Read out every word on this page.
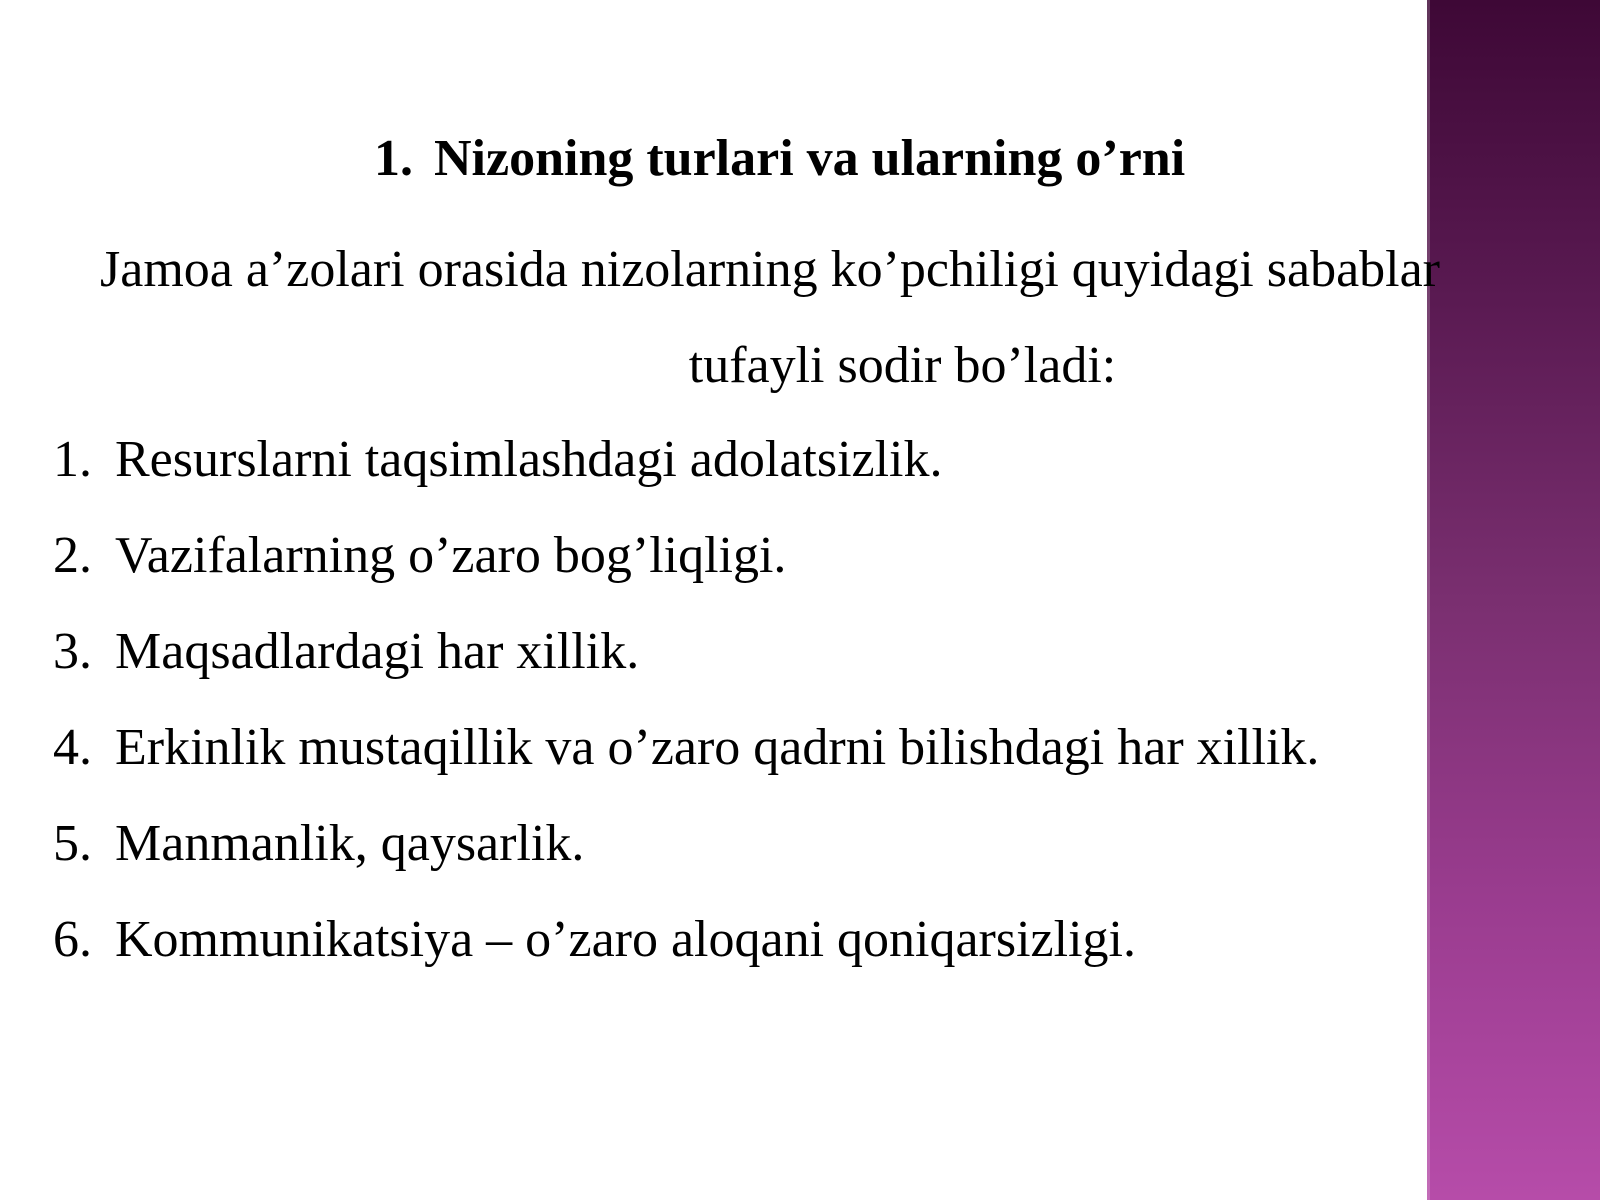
1. Nizoning turlari va ularning o’rni

Jamoa a’zolari orasida nizolarning ko’pchiligi quyidagi sabablar
tufayli sodir bo’ladi:

1. Resurslarni taqsimlashdagi adolatsizlik.
2. Vazifalarning o’zaro bog’liqligi.
3. Maqsadlardagi har xillik.
4. Erkinlik mustaqillik va o’zaro qadrni bilishdagi har xillik.
5. Manmanlik, qaysarlik.
6. Kommunikatsiya – o’zaro aloqani qoniqarsizligi.
